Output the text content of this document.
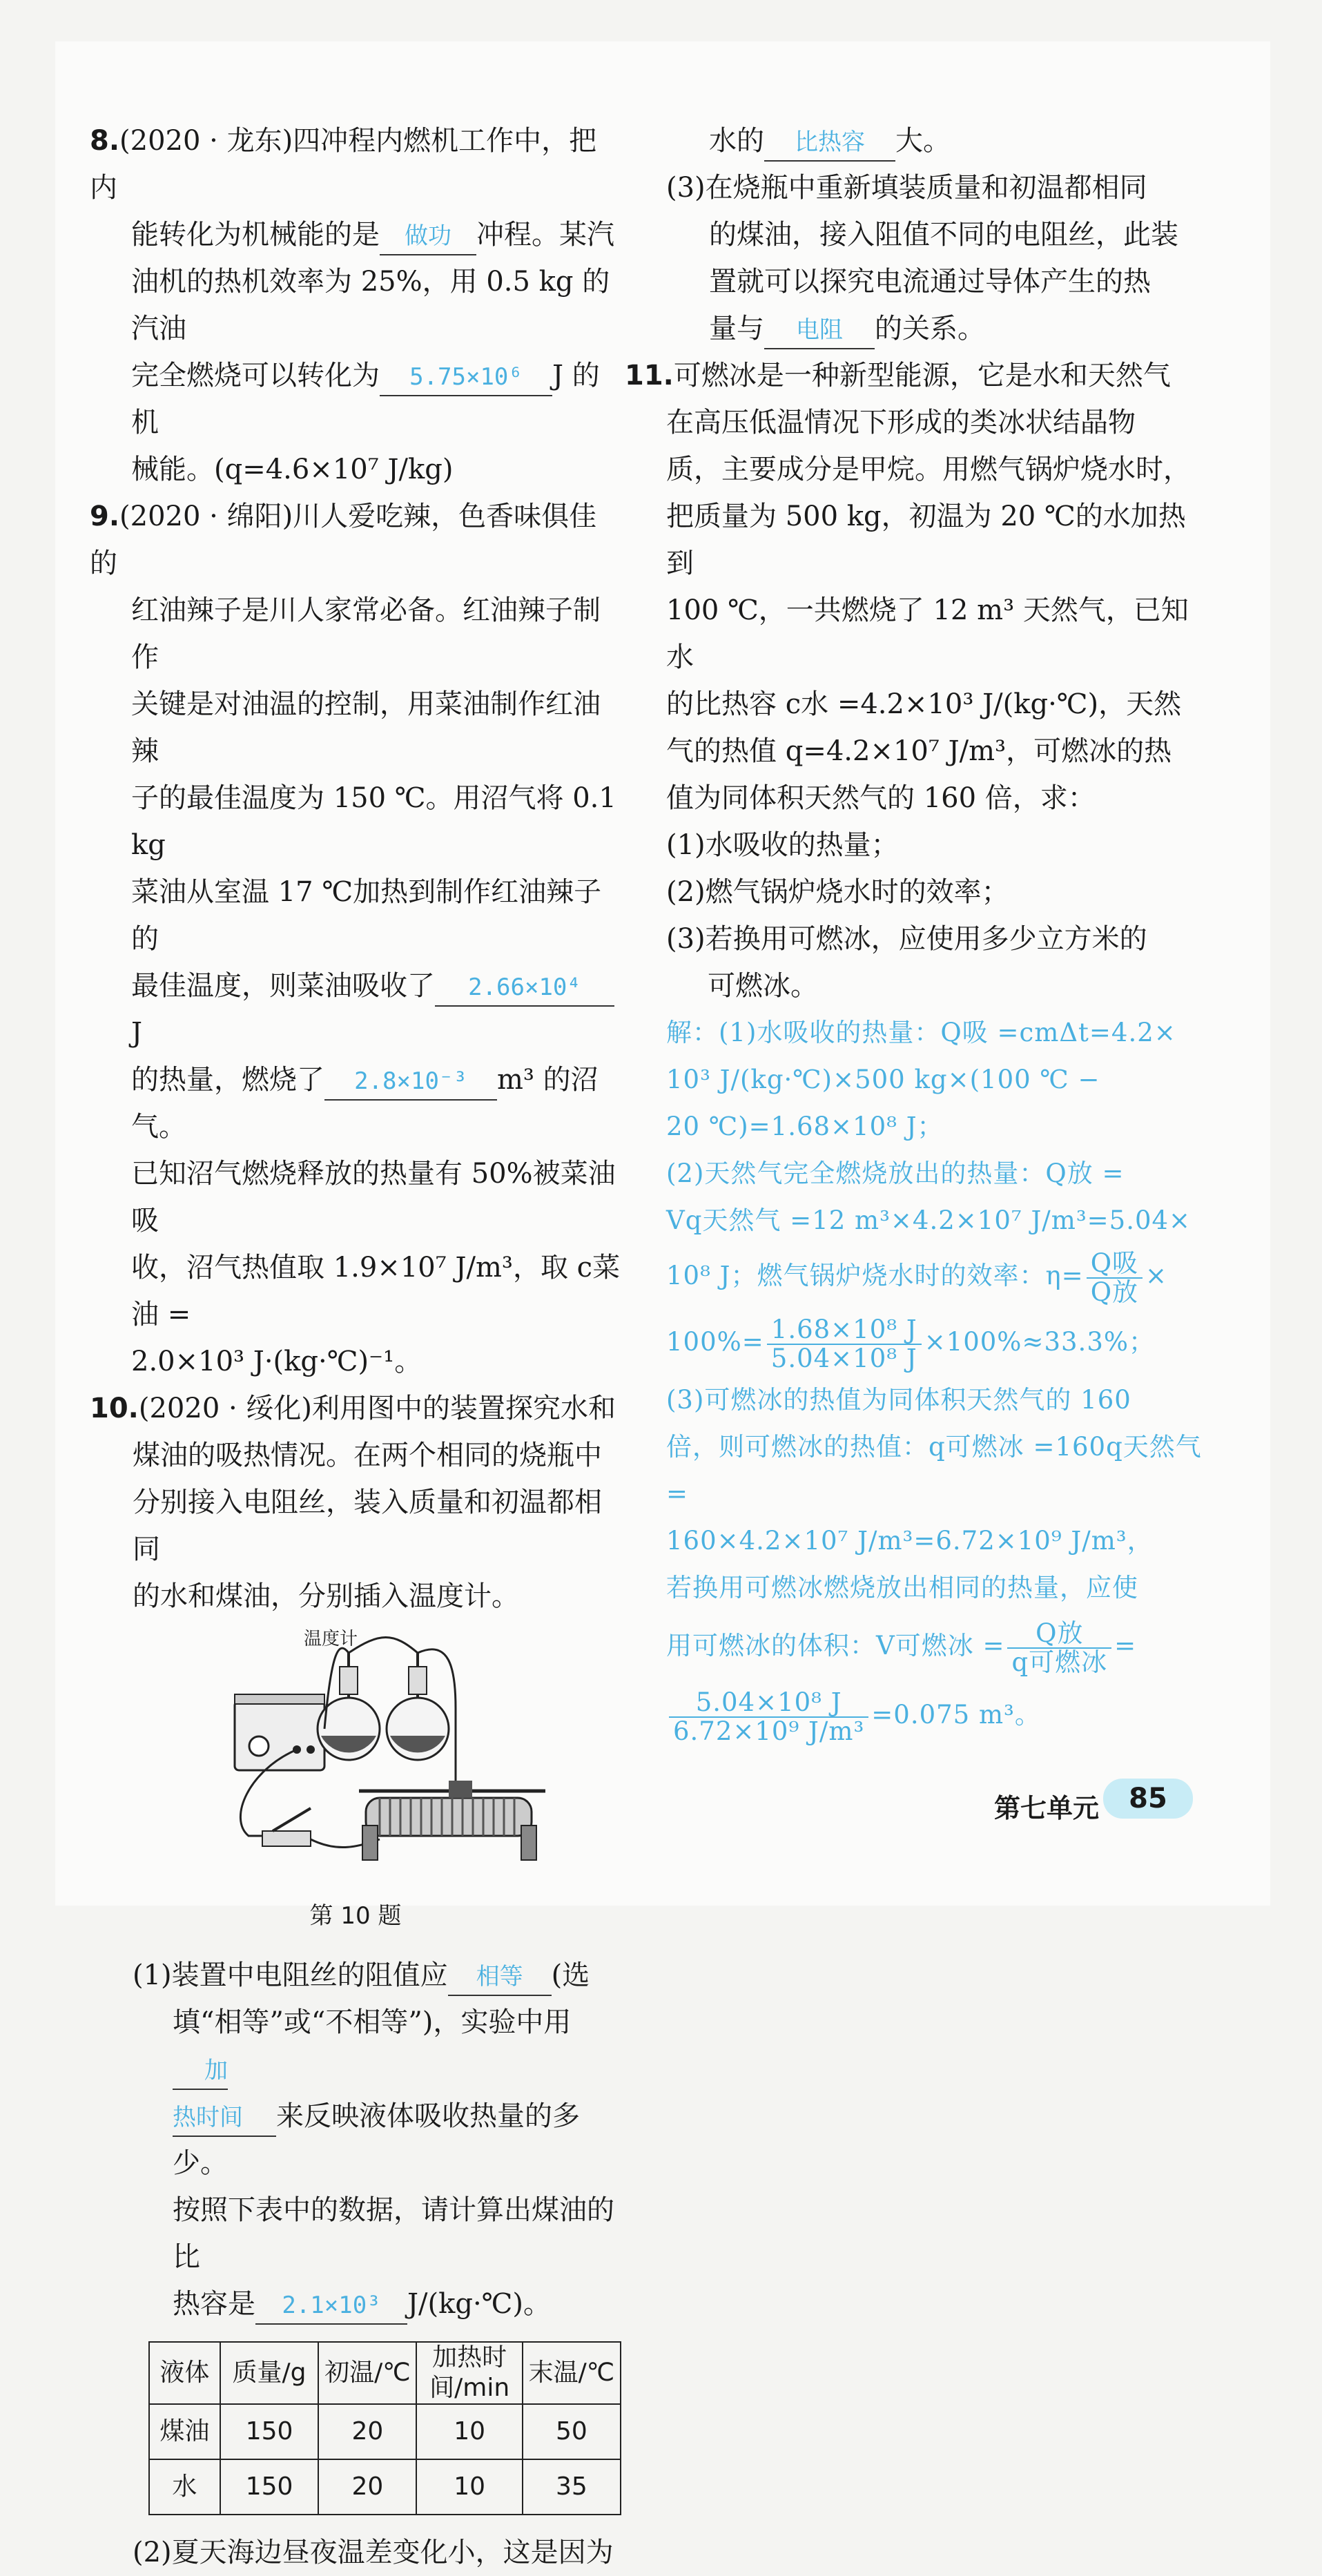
8.(2020 · 龙东)四冲程内燃机工作中，把内

能转化为机械能的是 做功 冲程。某汽

油机的热机效率为 25%，用 0.5 kg 的汽油

完全燃烧可以转化为 5.75×10⁶ J 的机

械能。(q=4.6×10⁷ J/kg)

9.(2020 · 绵阳)川人爱吃辣，色香味俱佳的

红油辣子是川人家常必备。红油辣子制作

关键是对油温的控制，用菜油制作红油辣

子的最佳温度为 150 ℃。用沼气将 0.1 kg

菜油从室温 17 ℃加热到制作红油辣子的

最佳温度，则菜油吸收了 2.66×10⁴J

的热量，燃烧了 2.8×10⁻³ m³ 的沼气。

已知沼气燃烧释放的热量有 50%被菜油吸

收，沼气热值取 1.9×10⁷ J/m³，取 c菜油 =

2.0×10³ J·(kg·℃)⁻¹。

10.(2020 · 绥化)利用图中的装置探究水和

煤油的吸热情况。在两个相同的烧瓶中

分别接入电阻丝，装入质量和初温都相同

的水和煤油，分别插入温度计。

温度计
第 10 题

(1)装置中电阻丝的阻值应 相等 (选

填“相等”或“不相等”)，实验中用加

热时间 来反映液体吸收热量的多少。

按照下表中的数据，请计算出煤油的比

热容是 2.1×10³ J/(kg·℃)。

液体	质量/g	初温/℃	加热时间/min	末温/℃
煤油	150	20	10	50
水	150	20	10	35

(2)夏天海边昼夜温差变化小，这是因为

水的 比热容 大。

(3)在烧瓶中重新填装质量和初温都相同

的煤油，接入阻值不同的电阻丝，此装

置就可以探究电流通过导体产生的热

量与 电阻 的关系。

11.可燃冰是一种新型能源，它是水和天然气

在高压低温情况下形成的类冰状结晶物

质，主要成分是甲烷。用燃气锅炉烧水时，

把质量为 500 kg，初温为 20 ℃的水加热到

100 ℃，一共燃烧了 12 m³ 天然气，已知水

的比热容 c水 =4.2×10³ J/(kg·℃)，天然

气的热值 q=4.2×10⁷ J/m³，可燃冰的热

值为同体积天然气的 160 倍，求：

(1)水吸收的热量；

(2)燃气锅炉烧水时的效率；

(3)若换用可燃冰，应使用多少立方米的

可燃冰。

解：(1)水吸收的热量：Q吸 =cmΔt=4.2×

10³ J/(kg·℃)×500 kg×(100 ℃ −

20 ℃)=1.68×10⁸ J；

(2)天然气完全燃烧放出的热量：Q放 =

Vq天然气 =12 m³×4.2×10⁷ J/m³=5.04×

10⁸ J；燃气锅炉烧水时的效率：$\eta= \frac{\text{Q吸}}{\text{Q放}}$ ×

$100\%= \frac{\text{1.68×10⁸ J}}{\text{5.04×10⁸ J}} \times 100\%\approx 33.3\%$；

(3)可燃冰的热值为同体积天然气的 160

倍，则可燃冰的热值：q可燃冰 =160q天然气 =

160×4.2×10⁷ J/m³=6.72×10⁹ J/m³，

若换用可燃冰燃烧放出相同的热量，应使

用可燃冰的体积：V可燃冰 = $\frac{\text{Q放}}{\text{q可燃冰}}$ =

$\frac{\text{5.04×10⁸ J}}{\text{6.72×10⁹ J/m³}} =0.075$ m³。

第七单元	85
